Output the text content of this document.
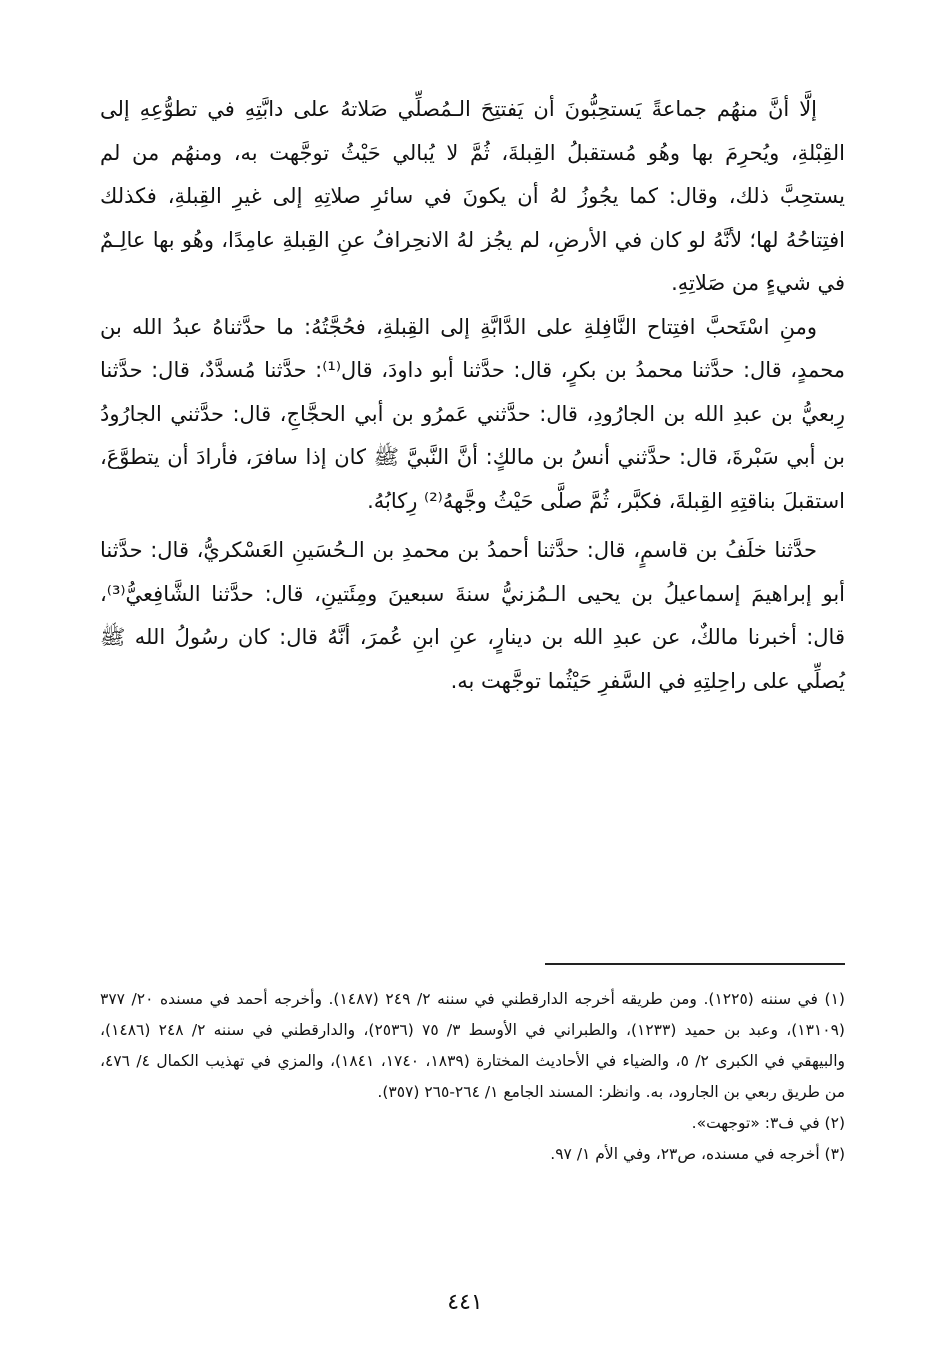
إلَّا أنَّ منهُم جماعةً يَستحِبُّونَ أن يَفتتِحَ الـمُصلِّي صَلاتهُ على دابَّتِهِ في تطوُّعِهِ إلى القِبْلةِ، ويُحرِمَ بها وهُو مُستقبلُ القِبلةَ، ثُمَّ لا يُبالي حَيْثُ توجَّهت به، ومنهُم من لم يستحِبَّ ذلك، وقال: كما يجُوزُ لهُ أن يكونَ في سائرِ صلاتِهِ إلى غيرِ القِبلةِ، فكذلك افتِتاحُهُ لها؛ لأنَّهُ لو كان في الأرضِ، لم يجُز لهُ الانحِرافُ عنِ القِبلةِ عامِدًا، وهُو بها عالِـمٌ في شيءٍ من صَلاتِهِ.

ومنِ اسْتَحبَّ افتِتاح النَّافِلةِ على الدَّابَّةِ إلى القِبلةِ، فحُجَّتُهُ: ما حدَّثناهُ عبدُ الله بن محمدٍ، قال: حدَّثنا محمدُ بن بكرٍ، قال: حدَّثنا أبو داودَ، قال⁽¹⁾: حدَّثنا مُسدَّدٌ، قال: حدَّثنا رِبعيُّ بن عبدِ الله بن الجارُودِ، قال: حدَّثني عَمرُو بن أبي الحجَّاجِ، قال: حدَّثني الجارُودُ بن أبي سَبْرةَ، قال: حدَّثني أنسُ بن مالكٍ: أنَّ النَّبيَّ ﷺ كان إذا سافرَ، فأرادَ أن يتطوَّعَ، استقبلَ بناقتِهِ القِبلةَ، فكبَّر، ثُمَّ صلَّى حَيْثُ وجَّههُ⁽²⁾ رِكابُهُ.

حدَّثنا خلَفُ بن قاسمٍ، قال: حدَّثنا أحمدُ بن محمدِ بن الـحُسَينِ العَسْكريُّ، قال: حدَّثنا أبو إبراهيمَ إسماعيلُ بن يحيى الـمُزنيُّ سنةَ سبعينَ ومِئَتينِ، قال: حدَّثنا الشَّافِعيُّ⁽³⁾، قال: أخبرنا مالكٌ، عن عبدِ الله بن دينارٍ، عنِ ابنِ عُمرَ، أنَّهُ قال: كان رسُولُ الله ﷺ يُصلِّي على راحِلتِهِ في السَّفرِ حَيْثُما توجَّهت به.

(١) في سننه (١٢٢٥). ومن طريقه أخرجه الدارقطني في سننه ٢/ ٢٤٩ (١٤٨٧). وأخرجه أحمد في مسنده ٢٠/ ٣٧٧ (١٣١٠٩)، وعبد بن حميد (١٢٣٣)، والطبراني في الأوسط ٣/ ٧٥ (٢٥٣٦)، والدارقطني في سننه ٢/ ٢٤٨ (١٤٨٦)، والبيهقي في الكبرى ٢/ ٥، والضياء في الأحاديث المختارة (١٨٣٩، ١٧٤٠، ١٨٤١)، والمزي في تهذيب الكمال ٤/ ٤٧٦، من طريق ربعي بن الجارود، به. وانظر: المسند الجامع ١/ ٢٦٤-٢٦٥ (٣٥٧).

(٢) في ف٣: «توجهت».

(٣) أخرجه في مسنده، ص٢٣، وفي الأم ١/ ٩٧.

٤٤١
